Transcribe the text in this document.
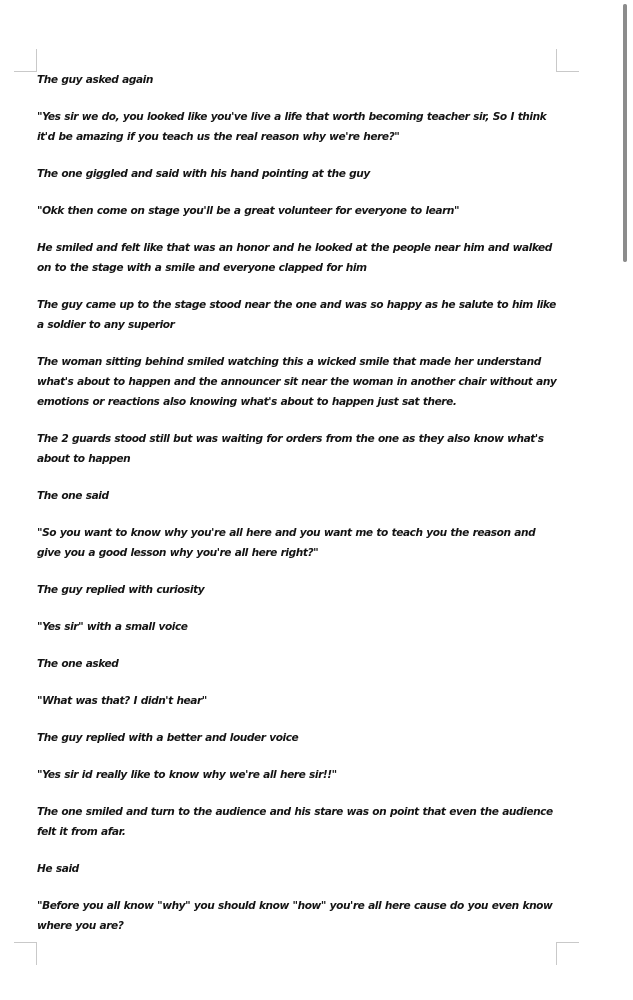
The guy asked again

"Yes sir we do, you looked like you've live a life that worth becoming teacher sir, So I think it'd be amazing if you teach us the real reason why we're here?"

The one giggled and said with his hand pointing at the guy

"Okk then come on stage you'll be a great volunteer for everyone to learn"

He smiled and felt like that was an honor and he looked at the people near him and walked on to the stage with a smile and everyone clapped for him

The guy came up to the stage stood near the one and was so happy as he salute to him like a soldier to any superior

The woman sitting behind smiled watching this a wicked smile that made her understand what's about to happen and the announcer sit near the woman in another chair without any emotions or reactions also knowing what's about to happen just sat there.

The 2 guards stood still but was waiting for orders from the one as they also know what's about to happen

The one said

"So you want to know why you're all here and you want me to teach you the reason and give you a good lesson why you're all here right?"

The guy replied with curiosity

"Yes sir" with a small voice

The one asked

"What was that? I didn't hear"

The guy replied with a better and louder voice

"Yes sir id really like to know why we're all here sir!!"

The one smiled and turn to the audience and his stare was on point that even the audience felt it from afar.

He said

"Before you all know "why" you should know "how" you're all here cause do you even know where you are?
